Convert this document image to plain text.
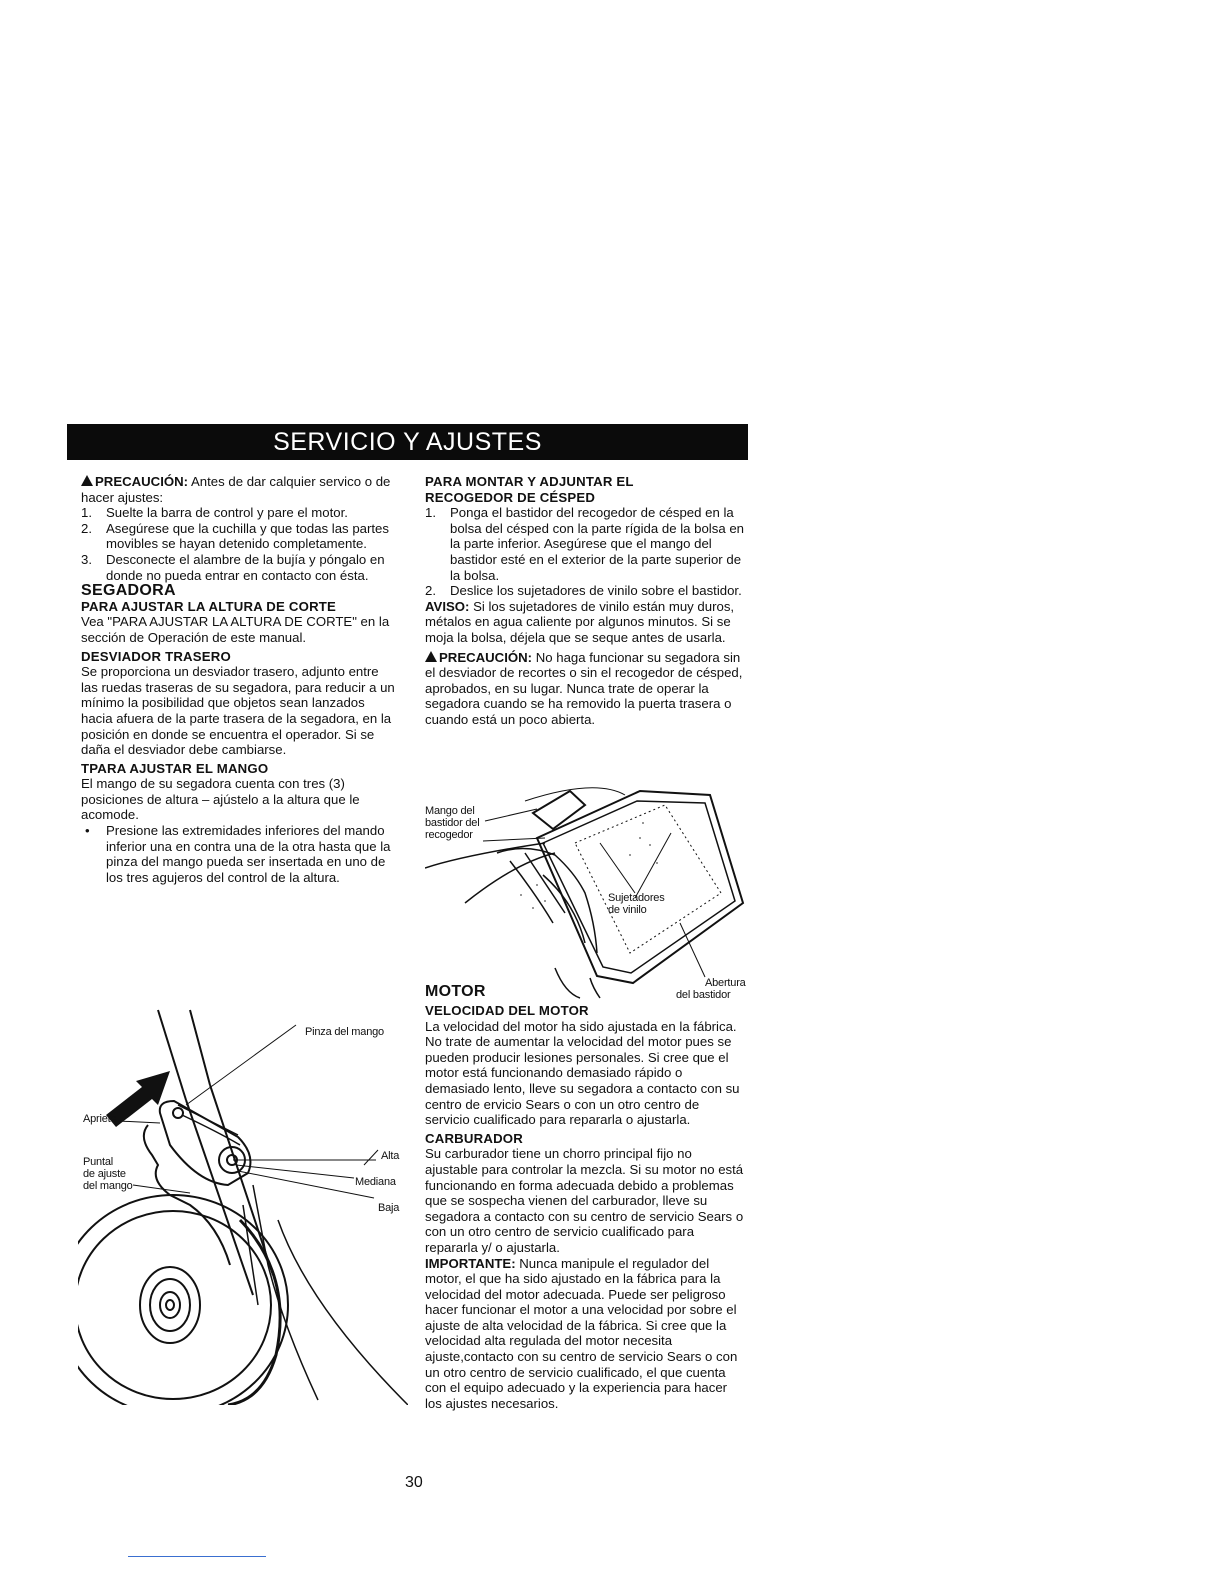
SERVICIO Y AJUSTES

PRECAUCIÓN: Antes de dar calquier servico o de hacer ajustes:

1. Suelte la barra de control y pare el motor.
2. Asegúrese que la cuchilla y que todas las partes movibles se hayan detenido completamente.
3. Desconecte el alambre de la bujía y póngalo en donde no pueda entrar en contacto con ésta.

SEGADORA

PARA AJUSTAR LA ALTURA DE CORTE

Vea "PARA AJUSTAR LA ALTURA DE CORTE" en la sección de Operación de este manual.

DESVIADOR TRASERO

Se proporciona un desviador trasero, adjunto entre las ruedas traseras de su segadora, para reducir a un mínimo la posibilidad que objetos sean lanzados hacia afuera de la parte trasera de la segadora, en la posición en donde se encuentra el operador. Si se daña el desviador debe cambiarse.

TPARA AJUSTAR EL MANGO

El mango de su segadora cuenta con tres (3) posiciones de altura – ajústelo a la altura que le acomode.

• Presione las extremidades inferiores del mando inferior una en contra una de la otra hasta que la pinza del mango pueda ser insertada en uno de los tres agujeros del control de la altura.
Pinza del mango
Apriete
Puntal
de ajuste
del mango
Alta
Mediana
Baja

PARA MONTAR Y ADJUNTAR EL

RECOGEDOR DE CÉSPED

1. Ponga el bastidor del recogedor de césped en la bolsa del césped con la parte rígida de la bolsa en la parte inferior. Asegúrese que el mango del bastidor esté en el exterior de la parte superior de la bolsa.
2. Deslice los sujetadores de vinilo sobre el bastidor.

AVISO: Si los sujetadores de vinilo están muy duros, métalos en agua caliente por algunos minutos. Si se moja la bolsa, déjela que se seque antes de usarla.

PRECAUCIÓN: No haga funcionar su segadora sin el desviador de recortes o sin el recogedor de césped, aprobados, en su lugar. Nunca trate de operar la segadora cuando se ha removido la puerta trasera o cuando está un poco abierta.

Mango del
bastidor del
recogedor
Sujetadores
de vinilo
Abertura
del bastidor
MOTOR

VELOCIDAD DEL MOTOR

La velocidad del motor ha sido ajustada en la fábrica. No trate de aumentar la velocidad del motor pues se pueden producir lesiones personales. Si cree que el motor está funcionando demasiado rápido o demasiado lento, lleve su segadora a contacto con su centro de ervicio Sears o con un otro centro de servicio cualificado para repararla o ajustarla.

CARBURADOR

Su carburador tiene un chorro principal fijo no ajustable para controlar la mezcla. Si su motor no está funcionando en forma adecuada debido a problemas que se sospecha vienen del carburador, lleve su segadora a contacto con su centro de servicio Sears o con un otro centro de servicio cualificado para repararla y/ o ajustarla.

IMPORTANTE: Nunca manipule el regulador del motor, el que ha sido ajustado en la fábrica para la velocidad del motor adecuada. Puede ser peligroso hacer funcionar el motor a una velocidad por sobre el ajuste de alta velocidad de la fábrica. Si cree que la velocidad alta regulada del motor necesita ajuste,contacto con su centro de servicio Sears o con un otro centro de servicio cualificado, el que cuenta con el equipo adecuado y la experiencia para hacer los ajustes necesarios.

30
